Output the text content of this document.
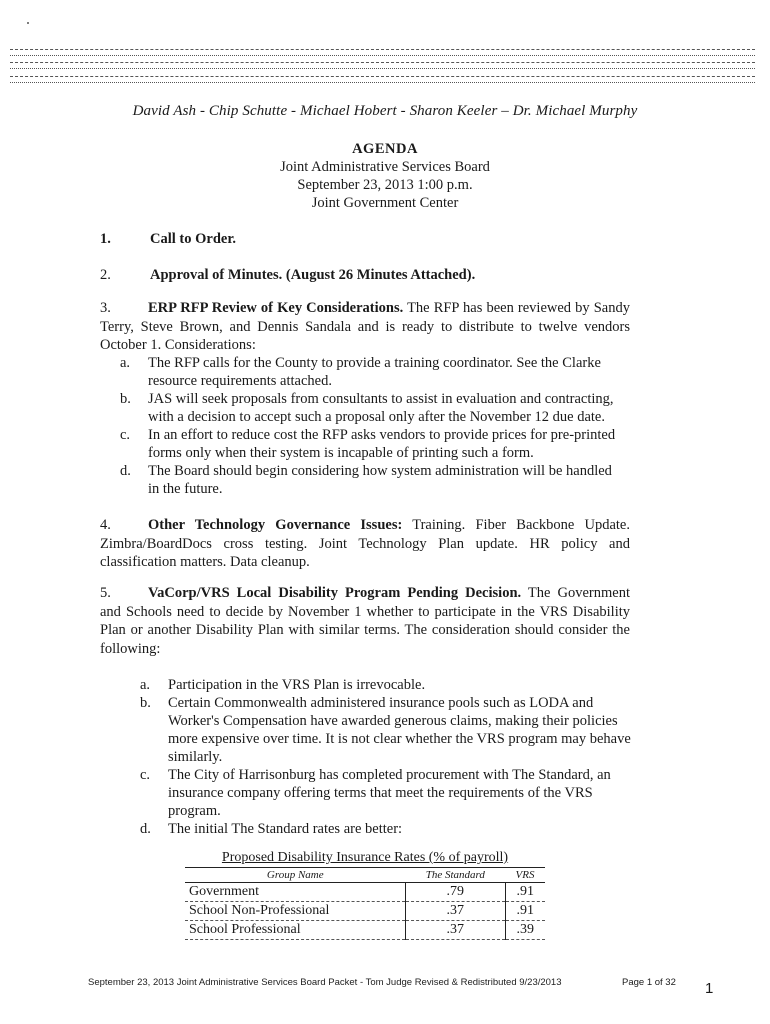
David Ash - Chip Schutte - Michael Hobert - Sharon Keeler – Dr. Michael Murphy
AGENDA
Joint Administrative Services Board
September 23, 2013 1:00 p.m.
Joint Government Center
1.	Call to Order.
2.	Approval of Minutes. (August 26 Minutes Attached).
3.	ERP RFP Review of Key Considerations. The RFP has been reviewed by Sandy Terry, Steve Brown, and Dennis Sandala and is ready to distribute to twelve vendors October 1. Considerations:
a. The RFP calls for the County to provide a training coordinator. See the Clarke resource requirements attached.
b. JAS will seek proposals from consultants to assist in evaluation and contracting, with a decision to accept such a proposal only after the November 12 due date.
c. In an effort to reduce cost the RFP asks vendors to provide prices for pre-printed forms only when their system is incapable of printing such a form.
d. The Board should begin considering how system administration will be handled in the future.
4.	Other Technology Governance Issues: Training. Fiber Backbone Update. Zimbra/BoardDocs cross testing. Joint Technology Plan update. HR policy and classification matters. Data cleanup.
5.	VaCorp/VRS Local Disability Program Pending Decision. The Government and Schools need to decide by November 1 whether to participate in the VRS Disability Plan or another Disability Plan with similar terms. The consideration should consider the following:
a. Participation in the VRS Plan is irrevocable.
b. Certain Commonwealth administered insurance pools such as LODA and Worker's Compensation have awarded generous claims, making their policies more expensive over time. It is not clear whether the VRS program may behave similarly.
c. The City of Harrisonburg has completed procurement with The Standard, an insurance company offering terms that meet the requirements of the VRS program.
d. The initial The Standard rates are better:
Proposed Disability Insurance Rates (% of payroll)
Group Name	The Standard	VRS
Government	.79	.91
School Non-Professional	.37	.91
School Professional	.37	.39
September 23, 2013 Joint Administrative Services Board Packet - Tom Judge Revised & Redistributed 9/23/2013	Page 1 of 32 1
